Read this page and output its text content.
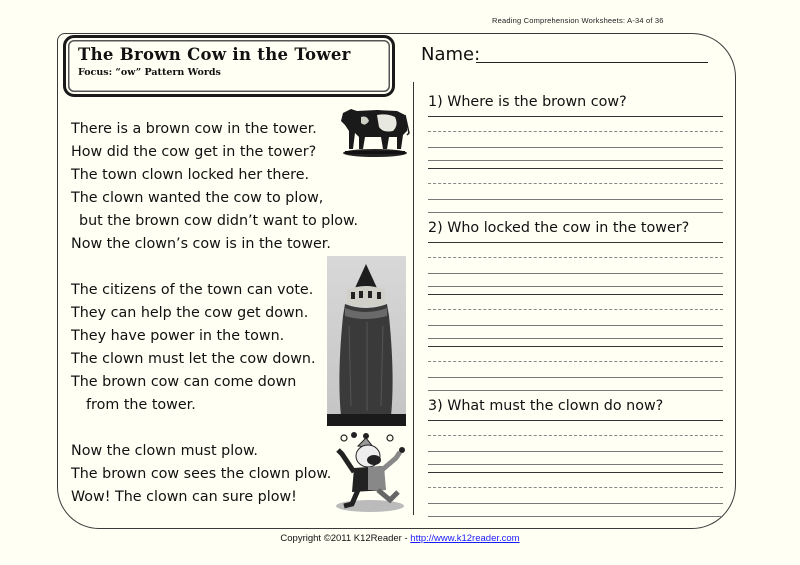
Reading Comprehension Worksheets: A-34 of 36
The Brown Cow in the Tower
Focus: “ow” Pattern Words
Name:

There is a brown cow in the tower.

How did the cow get in the tower?

The town clown locked her there.

The clown wanted the cow to plow,

but the brown cow didn’t want to plow.

Now the clown’s cow is in the tower.

The citizens of the town can vote.

They can help the cow get down.

They have power in the town.

The clown must let the cow down.

The brown cow can come down

from the tower.

Now the clown must plow.

The brown cow sees the clown plow.

Wow! The clown can sure plow!

1) Where is the brown cow?
2) Who locked the cow in the tower?
3) What must the clown do now?
Copyright ©2011 K12Reader - http://www.k12reader.com
